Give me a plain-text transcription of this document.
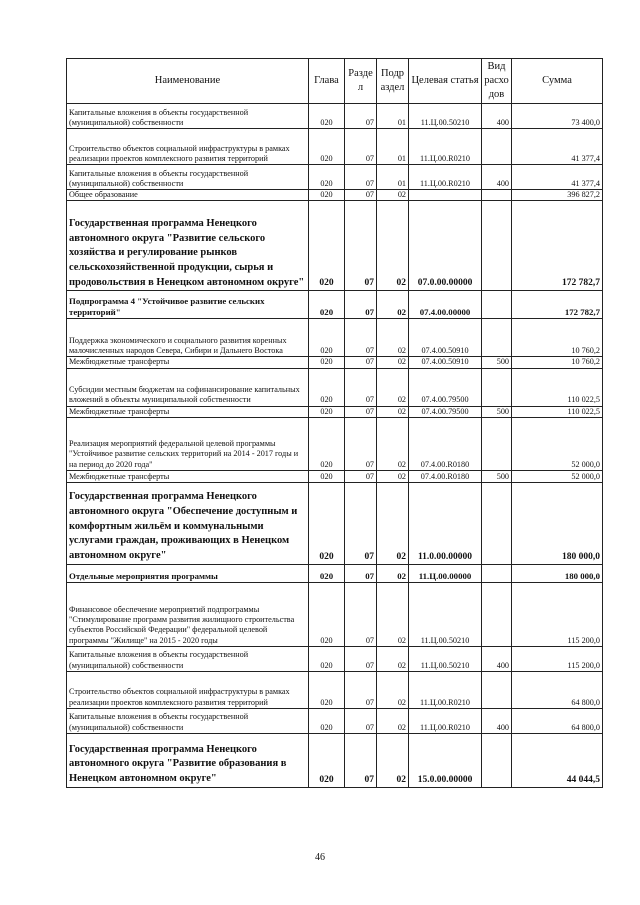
Наименование	Глава	Разде л	Подр аздел	Целевая статья	Вид расхо дов	Сумма
Капитальные вложения в объекты государственной (муниципальной) собственности	020	07	01	11.Ц.00.50210	400	73 400,0
Строительство объектов социальной инфраструктуры в рамках реализации проектов комплексного развития территорий	020	07	01	11.Ц.00.R0210		41 377,4
Капитальные вложения в объекты государственной (муниципальной) собственности	020	07	01	11.Ц.00.R0210	400	41 377,4
Общее образование	020	07	02			396 827,2
Государственная программа Ненецкого автономного округа "Развитие сельского хозяйства и регулирование рынков сельскохозяйственной продукции, сырья и продовольствия в Ненецком автономном округе"	020	07	02	07.0.00.00000		172 782,7
Подпрограмма 4 "Устойчивое развитие сельских территорий"	020	07	02	07.4.00.00000		172 782,7
Поддержка экономического и социального развития коренных малочисленных народов Севера, Сибири и Дальнего Востока	020	07	02	07.4.00.50910		10 760,2
Межбюджетные трансферты	020	07	02	07.4.00.50910	500	10 760,2
Субсидии местным бюджетам на софинансирование капитальных вложений в объекты муниципальной собственности	020	07	02	07.4.00.79500		110 022,5
Межбюджетные трансферты	020	07	02	07.4.00.79500	500	110 022,5
Реализация мероприятий федеральной целевой программы "Устойчивое развитие сельских территорий на 2014 - 2017 годы и на период до 2020 года"	020	07	02	07.4.00.R0180		52 000,0
Межбюджетные трансферты	020	07	02	07.4.00.R0180	500	52 000,0
Государственная программа Ненецкого автономного округа "Обеспечение доступным и комфортным жильём и коммунальными услугами граждан, проживающих в Ненецком автономном округе"	020	07	02	11.0.00.00000		180 000,0
Отдельные мероприятия программы	020	07	02	11.Ц.00.00000		180 000,0
Финансовое обеспечение мероприятий подпрограммы "Стимулирование программ развития жилищного строительства субъектов Российской Федерации" федеральной целевой программы "Жилище" на 2015 - 2020 годы	020	07	02	11.Ц.00.50210		115 200,0
Капитальные вложения в объекты государственной (муниципальной) собственности	020	07	02	11.Ц.00.50210	400	115 200,0
Строительство объектов социальной инфраструктуры в рамках реализации проектов комплексного развития территорий	020	07	02	11.Ц.00.R0210		64 800,0
Капитальные вложения в объекты государственной (муниципальной) собственности	020	07	02	11.Ц.00.R0210	400	64 800,0
Государственная программа Ненецкого автономного округа "Развитие образования в Ненецком автономном округе"	020	07	02	15.0.00.00000		44 044,5
46
